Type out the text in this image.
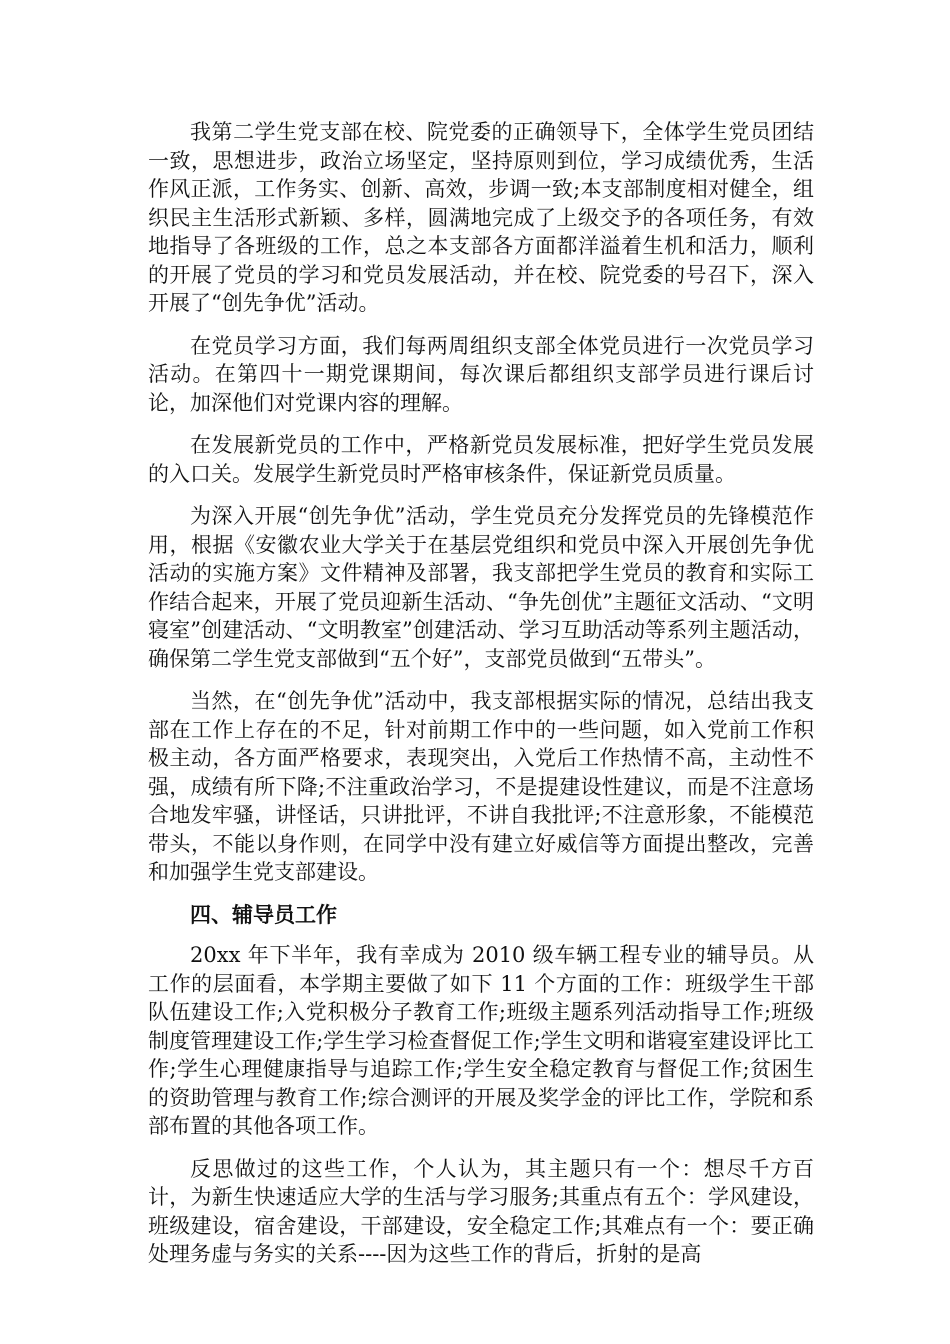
我第二学生党支部在校、院党委的正确领导下，全体学生党员团结一致，思想进步，政治立场坚定，坚持原则到位，学习成绩优秀，生活作风正派，工作务实、创新、高效，步调一致;本支部制度相对健全，组织民主生活形式新颖、多样，圆满地完成了上级交予的各项任务，有效地指导了各班级的工作，总之本支部各方面都洋溢着生机和活力，顺利的开展了党员的学习和党员发展活动，并在校、院党委的号召下，深入开展了“创先争优”活动。

在党员学习方面，我们每两周组织支部全体党员进行一次党员学习活动。在第四十一期党课期间，每次课后都组织支部学员进行课后讨论，加深他们对党课内容的理解。

在发展新党员的工作中，严格新党员发展标准，把好学生党员发展的入口关。发展学生新党员时严格审核条件，保证新党员质量。

为深入开展“创先争优”活动，学生党员充分发挥党员的先锋模范作用，根据《安徽农业大学关于在基层党组织和党员中深入开展创先争优活动的实施方案》文件精神及部署，我支部把学生党员的教育和实际工作结合起来，开展了党员迎新生活动、“争先创优”主题征文活动、“文明寝室”创建活动、“文明教室”创建活动、学习互助活动等系列主题活动，确保第二学生党支部做到“五个好”，支部党员做到“五带头”。

当然，在“创先争优”活动中，我支部根据实际的情况，总结出我支部在工作上存在的不足，针对前期工作中的一些问题，如入党前工作积极主动，各方面严格要求，表现突出，入党后工作热情不高，主动性不强，成绩有所下降;不注重政治学习，不是提建设性建议，而是不注意场合地发牢骚，讲怪话，只讲批评，不讲自我批评;不注意形象，不能模范带头，不能以身作则，在同学中没有建立好威信等方面提出整改，完善和加强学生党支部建设。

四、辅导员工作

20xx 年下半年，我有幸成为 2010 级车辆工程专业的辅导员。从工作的层面看，本学期主要做了如下 11 个方面的工作：班级学生干部队伍建设工作;入党积极分子教育工作;班级主题系列活动指导工作;班级制度管理建设工作;学生学习检查督促工作;学生文明和谐寝室建设评比工作;学生心理健康指导与追踪工作;学生安全稳定教育与督促工作;贫困生的资助管理与教育工作;综合测评的开展及奖学金的评比工作，学院和系部布置的其他各项工作。

反思做过的这些工作，个人认为，其主题只有一个：想尽千方百计，为新生快速适应大学的生活与学习服务;其重点有五个：学风建设，班级建设，宿舍建设，干部建设，安全稳定工作;其难点有一个：要正确处理务虚与务实的关系----因为这些工作的背后，折射的是高
